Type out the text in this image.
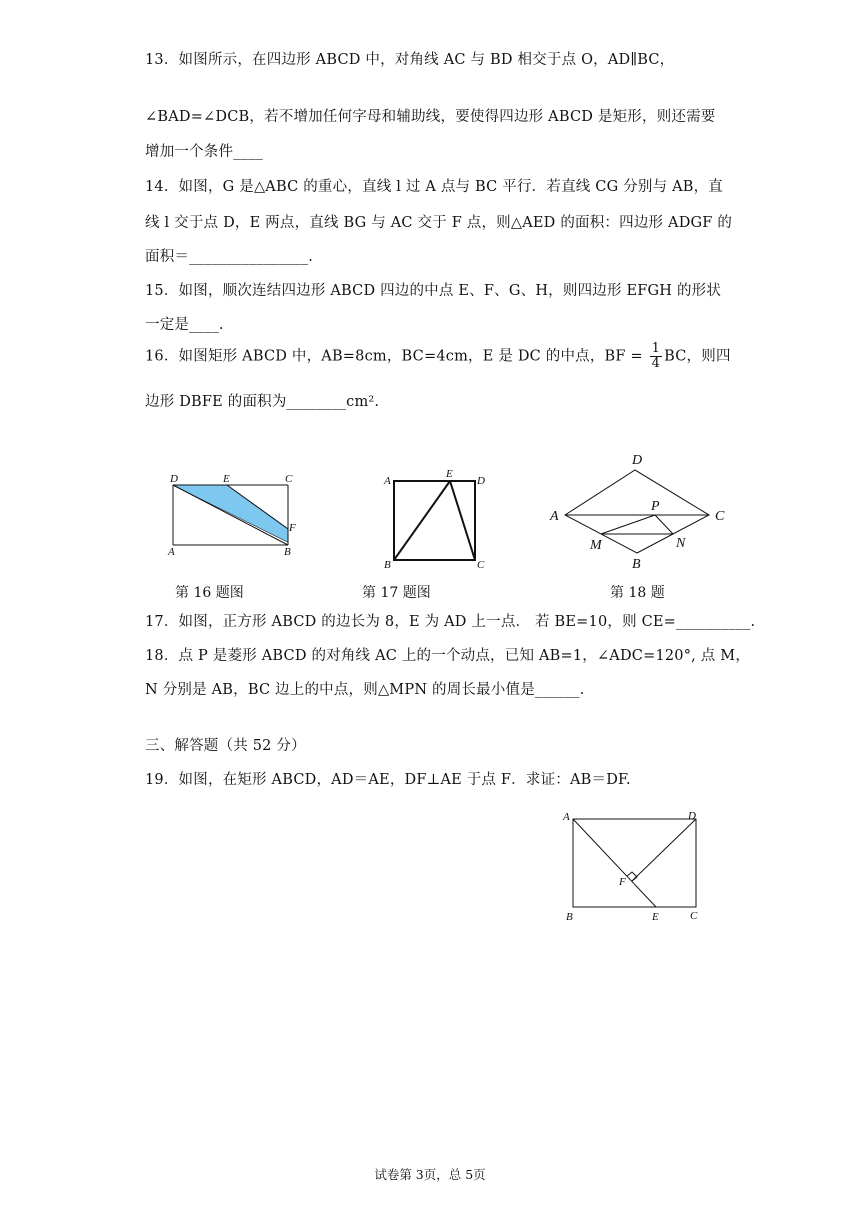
13．如图所示，在四边形 ABCD 中，对角线 AC 与 BD 相交于点 O，AD∥BC，
∠BAD=∠DCB，若不增加任何字母和辅助线，要使得四边形 ABCD 是矩形，则还需要
增加一个条件____
14．如图，G 是△ABC 的重心，直线 l 过 A 点与 BC 平行．若直线 CG 分别与 AB，直
线 l 交于点 D，E 两点，直线 BG 与 AC 交于 F 点，则△AED 的面积：四边形 ADGF 的
面积＝________________.
15．如图，顺次连结四边形 ABCD 四边的中点 E、F、G、H，则四边形 EFGH 的形状
一定是____.
16．如图矩形 ABCD 中，AB=8cm，BC=4cm，E 是 DC 的中点，BF = $\frac{1}{4}$ BC，则四
边形 DBFE 的面积为________cm².
D	E	C
F
A	B
A
E
D
B	C
D
A
P
C
M	N
B
第 16 题图	第 17 题图	第 18 题
17．如图，正方形 ABCD 的边长为 8，E 为 AD 上一点． 若 BE=10，则 CE=__________.
18．点 P 是菱形 ABCD 的对角线 AC 上的一个动点，已知 AB=1，∠ADC=120°, 点 M，
N 分别是 AB，BC 边上的中点，则△MPN 的周长最小值是______.
三、解答题（共 52 分）
19．如图，在矩形 ABCD，AD＝AE，DF⊥AE 于点 F．求证：AB＝DF.
A	D
F
B	E	C
试卷第 3页，总 5页
